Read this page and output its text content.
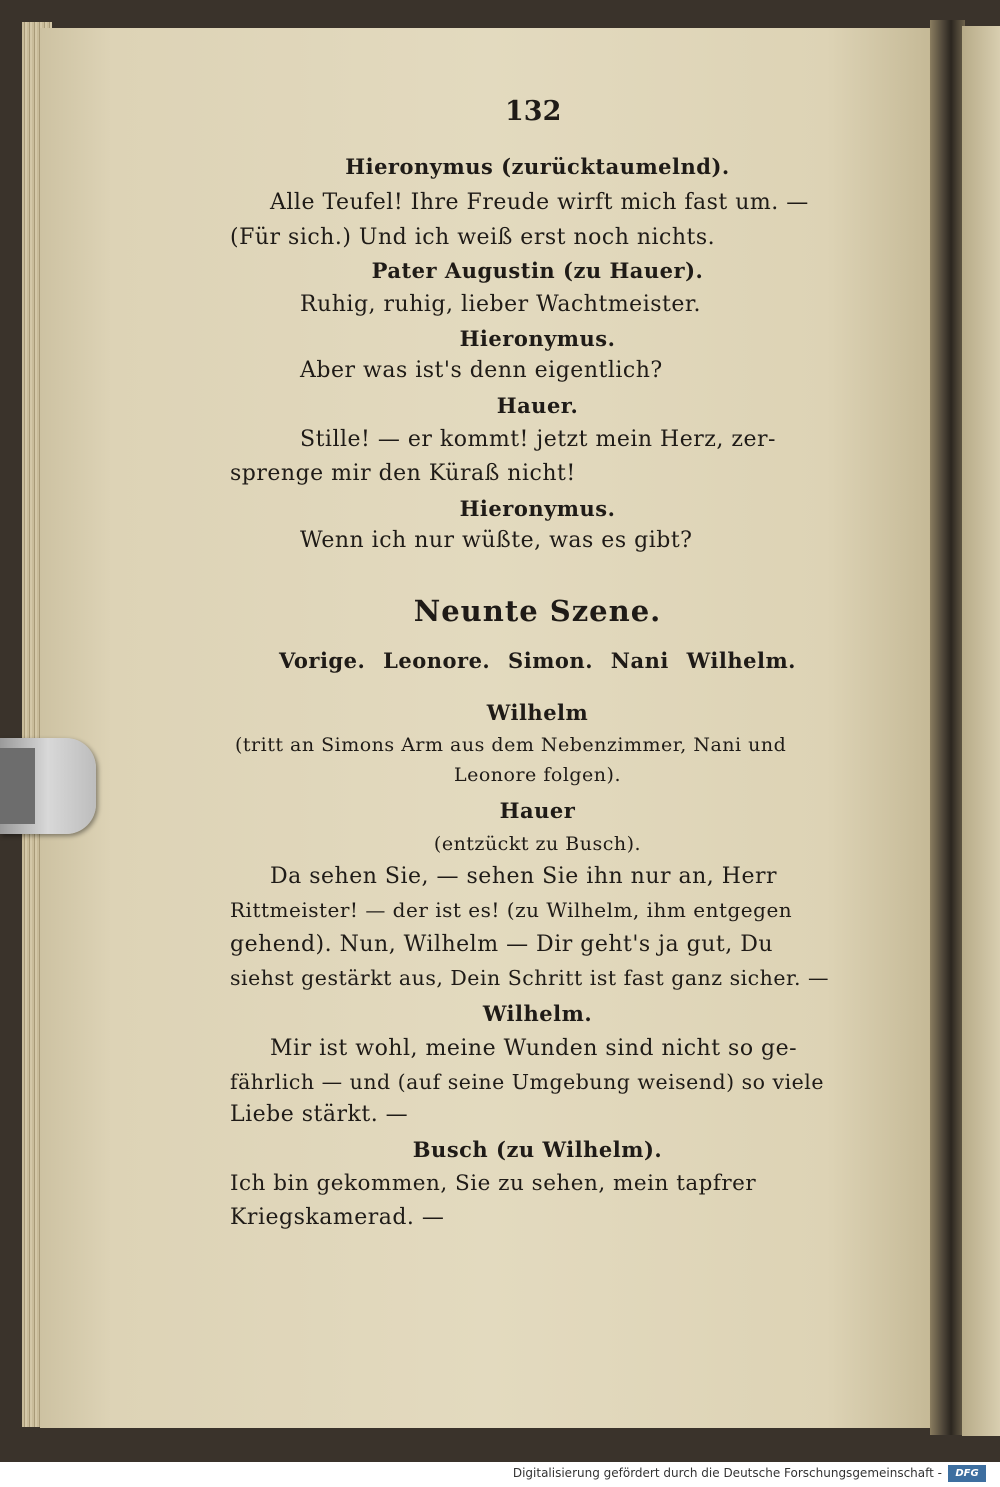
132
Hieronymus (zurücktaumelnd).
Alle Teufel! Ihre Freude wirft mich fast um. —
(Für sich.) Und ich weiß erst noch nichts.
Pater Augustin (zu Hauer).
Ruhig, ruhig, lieber Wachtmeister.
Hieronymus.
Aber was ist's denn eigentlich?
Hauer.
Stille! — er kommt! jetzt mein Herz, zer-
sprenge mir den Küraß nicht!
Hieronymus.
Wenn ich nur wüßte, was es gibt?
Neunte Szene.
Vorige. Leonore. Simon. Nani Wilhelm.
Wilhelm
(tritt an Simons Arm aus dem Nebenzimmer, Nani und
Leonore folgen).
Hauer
(entzückt zu Busch).
Da sehen Sie, — sehen Sie ihn nur an, Herr
Rittmeister! — der ist es! (zu Wilhelm, ihm entgegen
gehend). Nun, Wilhelm — Dir geht's ja gut, Du
siehst gestärkt aus, Dein Schritt ist fast ganz sicher. —
Wilhelm.
Mir ist wohl, meine Wunden sind nicht so ge-
fährlich — und (auf seine Umgebung weisend) so viele
Liebe stärkt. —
Busch (zu Wilhelm).
Ich bin gekommen, Sie zu sehen, mein tapfrer
Kriegskamerad. —
Digitalisierung gefördert durch die Deutsche Forschungsgemeinschaft -	DFG
